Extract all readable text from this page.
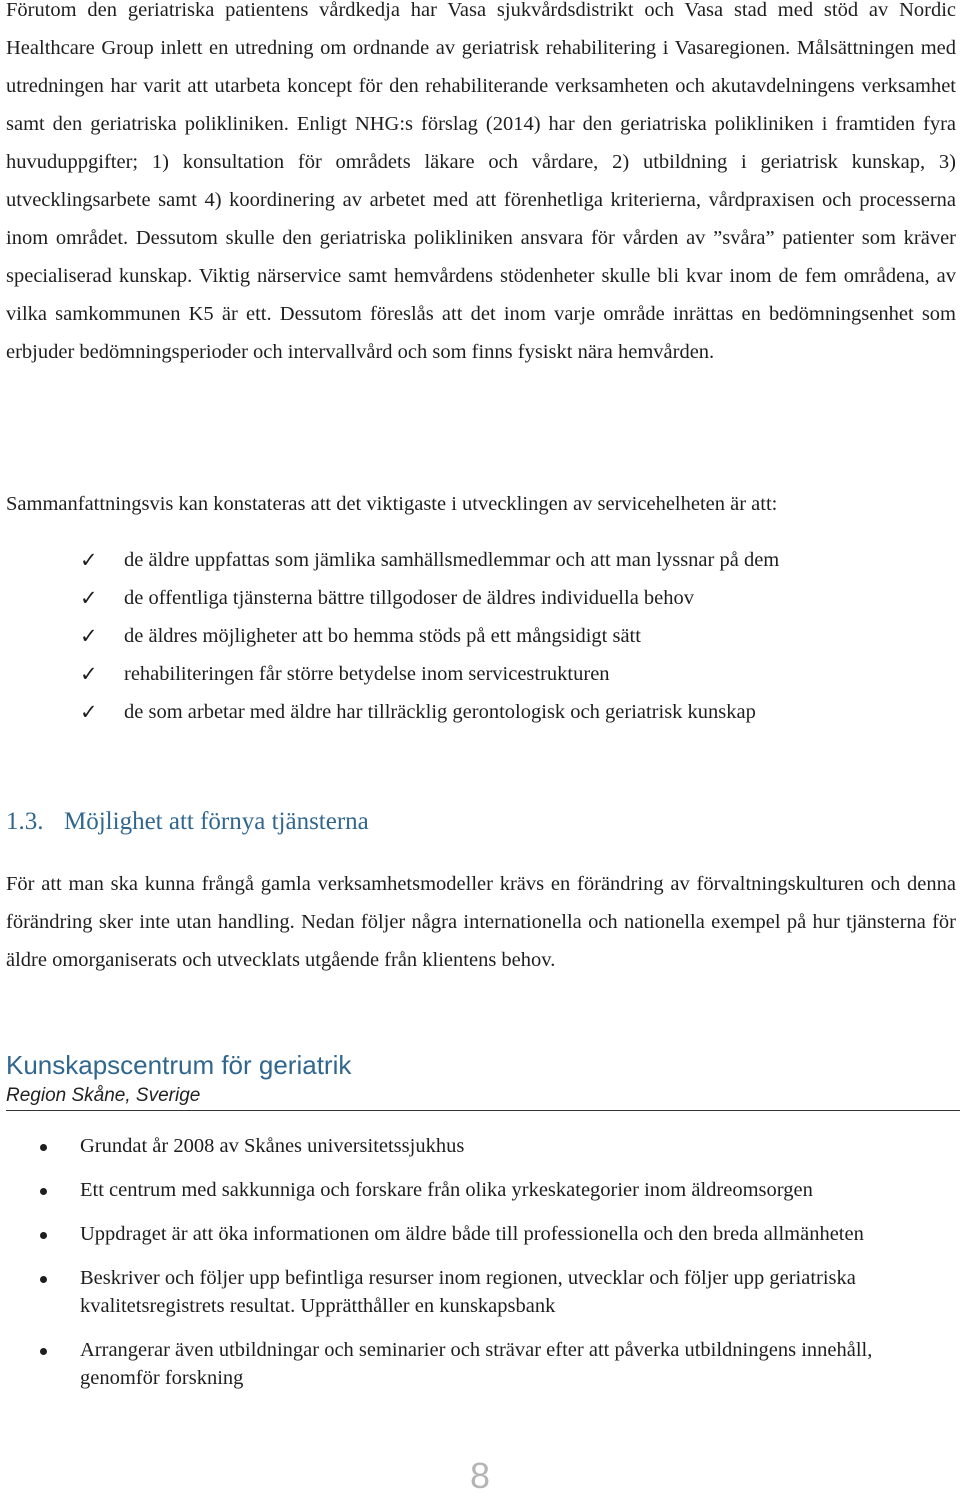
Förutom den geriatriska patientens vårdkedja har Vasa sjukvårdsdistrikt och Vasa stad med stöd av Nordic Healthcare Group inlett en utredning om ordnande av geriatrisk rehabilitering i Vasaregionen. Målsättningen med utredningen har varit att utarbeta koncept för den rehabiliterande verksamheten och akutavdelningens verksamhet samt den geriatriska polikliniken. Enligt NHG:s förslag (2014) har den geriatriska polikliniken i framtiden fyra huvuduppgifter; 1) konsultation för områdets läkare och vårdare, 2) utbildning i geriatrisk kunskap, 3) utvecklingsarbete samt 4) koordinering av arbetet med att förenhetliga kriterierna, vårdpraxisen och processerna inom området. Dessutom skulle den geriatriska polikliniken ansvara för vården av ”svåra” patienter som kräver specialiserad kunskap. Viktig närservice samt hemvårdens stödenheter skulle bli kvar inom de fem områdena, av vilka samkommunen K5 är ett. Dessutom föreslås att det inom varje område inrättas en bedömningsenhet som erbjuder bedömningsperioder och intervallvård och som finns fysiskt nära hemvården.

Sammanfattningsvis kan konstateras att det viktigaste i utvecklingen av servicehelheten är att:

✓ de äldre uppfattas som jämlika samhällsmedlemmar och att man lyssnar på dem
✓ de offentliga tjänsterna bättre tillgodoser de äldres individuella behov
✓ de äldres möjligheter att bo hemma stöds på ett mångsidigt sätt
✓ rehabiliteringen får större betydelse inom servicestrukturen
✓ de som arbetar med äldre har tillräcklig gerontologisk och geriatrisk kunskap
1.3. Möjlighet att förnya tjänsterna

För att man ska kunna frångå gamla verksamhetsmodeller krävs en förändring av förvaltningskulturen och denna förändring sker inte utan handling. Nedan följer några internationella och nationella exempel på hur tjänsterna för äldre omorganiserats och utvecklats utgående från klientens behov.

Kunskapscentrum för geriatrik
Region Skåne, Sverige
Grundat år 2008 av Skånes universitetssjukhus
Ett centrum med sakkunniga och forskare från olika yrkeskategorier inom äldreomsorgen
Uppdraget är att öka informationen om äldre både till professionella och den breda allmänheten
Beskriver och följer upp befintliga resurser inom regionen, utvecklar och följer upp geriatriska kvalitetsregistrets resultat. Upprätthåller en kunskapsbank
Arrangerar även utbildningar och seminarier och strävar efter att påverka utbildningens innehåll, genomför forskning
8
